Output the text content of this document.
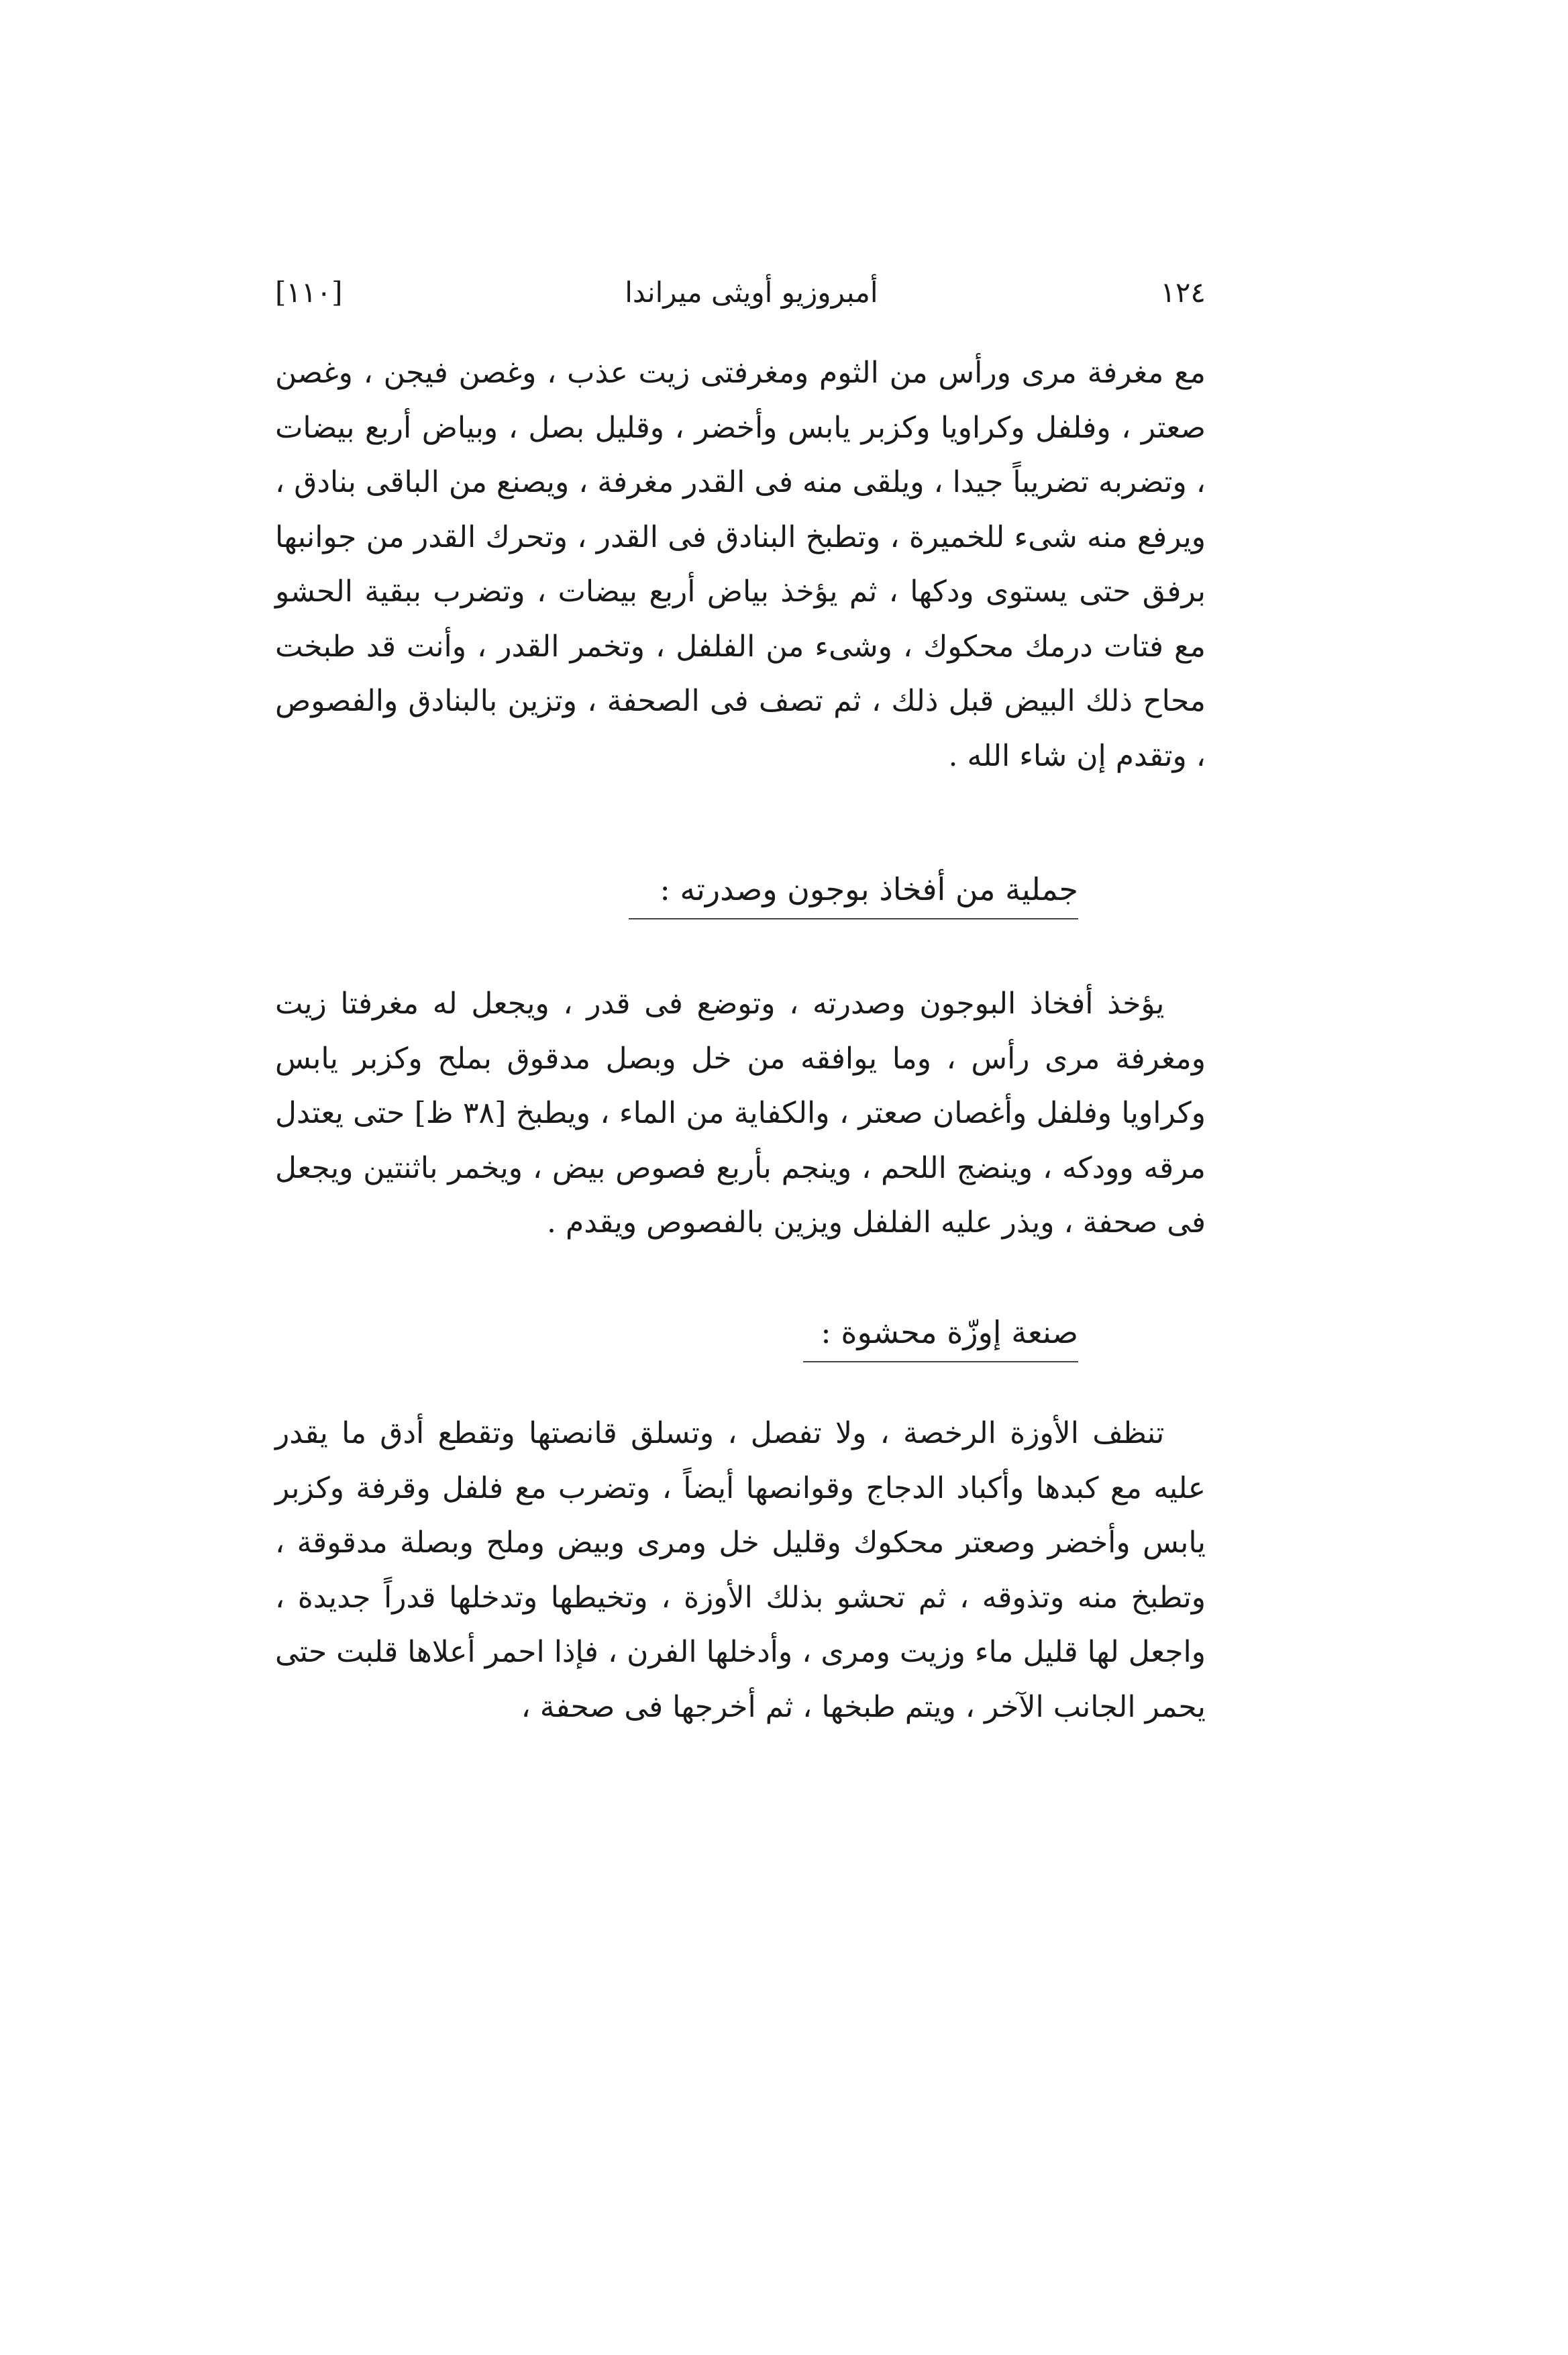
١٢٤
أمبروزيو أويثى ميراندا
[١١٠]

مع مغرفة مرى ورأس من الثوم ومغرفتى زيت عذب ، وغصن فيجن ، وغصن صعتر ، وفلفل وكراويا وكزبر يابس وأخضر ، وقليل بصل ، وبياض أربع بيضات ، وتضربه تضريباً جيدا ، ويلقى منه فى القدر مغرفة ، ويصنع من الباقى بنادق ، ويرفع منه شىء للخميرة ، وتطبخ البنادق فى القدر ، وتحرك القدر من جوانبها برفق حتى يستوى ودكها ، ثم يؤخذ بياض أربع بيضات ، وتضرب ببقية الحشو مع فتات درمك محكوك ، وشىء من الفلفل ، وتخمر القدر ، وأنت قد طبخت محاح ذلك البيض قبل ذلك ، ثم تصف فى الصحفة ، وتزين بالبنادق والفصوص ، وتقدم إن شاء الله .

جملية من أفخاذ بوجون وصدرته :

يؤخذ أفخاذ البوجون وصدرته ، وتوضع فى قدر ، ويجعل له مغرفتا زيت ومغرفة مرى رأس ، وما يوافقه من خل وبصل مدقوق بملح وكزبر يابس وكراويا وفلفل وأغصان صعتر ، والكفاية من الماء ، ويطبخ [٣٨ ظ] حتى يعتدل مرقه وودكه ، وينضج اللحم ، وينجم بأربع فصوص بيض ، ويخمر باثنتين ويجعل فى صحفة ، ويذر عليه الفلفل ويزين بالفصوص ويقدم .

صنعة إوزّة محشوة :

تنظف الأوزة الرخصة ، ولا تفصل ، وتسلق قانصتها وتقطع أدق ما يقدر عليه مع كبدها وأكباد الدجاج وقوانصها أيضاً ، وتضرب مع فلفل وقرفة وكزبر يابس وأخضر وصعتر محكوك وقليل خل ومرى وبيض وملح وبصلة مدقوقة ، وتطبخ منه وتذوقه ، ثم تحشو بذلك الأوزة ، وتخيطها وتدخلها قدراً جديدة ، واجعل لها قليل ماء وزيت ومرى ، وأدخلها الفرن ، فإذا احمر أعلاها قلبت حتى يحمر الجانب الآخر ، ويتم طبخها ، ثم أخرجها فى صحفة ،
